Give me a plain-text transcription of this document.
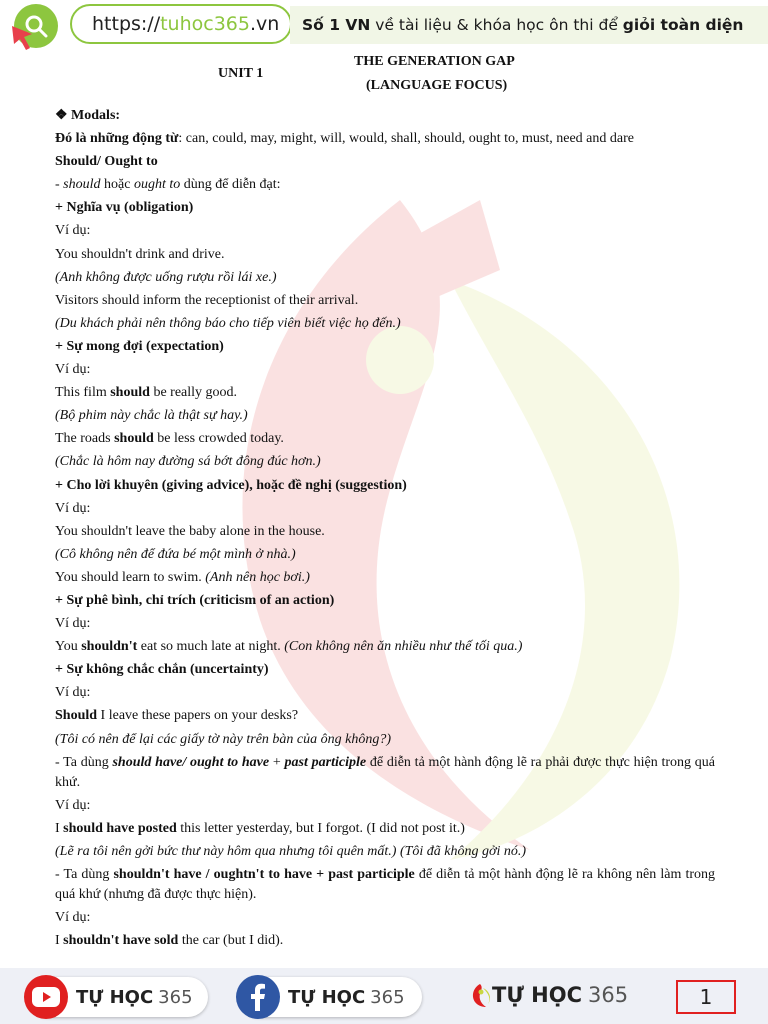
https:// tuhoc365 .vn Số 1 VN về tài liệu & khóa học ôn thi để giỏi toàn diện
UNIT 1
THE GENERATION GAP
(LANGUAGE FOCUS)
❖ Modals:
Đó là những động từ: can, could, may, might, will, would, shall, should, ought to, must, need and dare
Should/ Ought to
- should hoặc ought to dùng để diễn đạt:
+ Nghĩa vụ (obligation)
Ví dụ:
You shouldn't drink and drive.
(Anh không được uống rượu rồi lái xe.)
Visitors should inform the receptionist of their arrival.
(Du khách phải nên thông báo cho tiếp viên biết việc họ đến.)
+ Sự mong đợi (expectation)
Ví dụ:
This film should be really good.
(Bộ phim này chắc là thật sự hay.)
The roads should be less crowded today.
(Chắc là hôm nay đường sá bớt đông đúc hơn.)
+ Cho lời khuyên (giving advice), hoặc đề nghị (suggestion)
Ví dụ:
You shouldn't leave the baby alone in the house.
(Cô không nên để đứa bé một mình ở nhà.)
You should learn to swim. (Anh nên học bơi.)
+ Sự phê bình, chỉ trích (criticism of an action)
Ví dụ:
You shouldn't eat so much late at night. (Con không nên ăn nhiều như thế tối qua.)
+ Sự không chắc chắn (uncertainty)
Ví dụ:
Should I leave these papers on your desks?
(Tôi có nên để lại các giấy tờ này trên bàn của ông không?)
- Ta dùng should have/ ought to have + past participle để diễn tả một hành động lẽ ra phải được thực hiện trong quá khứ.
Ví dụ:
I should have posted this letter yesterday, but I forgot. (I did not post it.)
(Lẽ ra tôi nên gởi bức thư này hôm qua nhưng tôi quên mất.) (Tôi đã không gởi nó.)
- Ta dùng shouldn't have / oughtn't to have + past participle để diễn tả một hành động lẽ ra không nên làm trong quá khứ (nhưng đã được thực hiện).
Ví dụ:
I shouldn't have sold the car (but I did).
TỰ HỌC 365	TỰ HỌC 365	TỰ HỌC 365	1
